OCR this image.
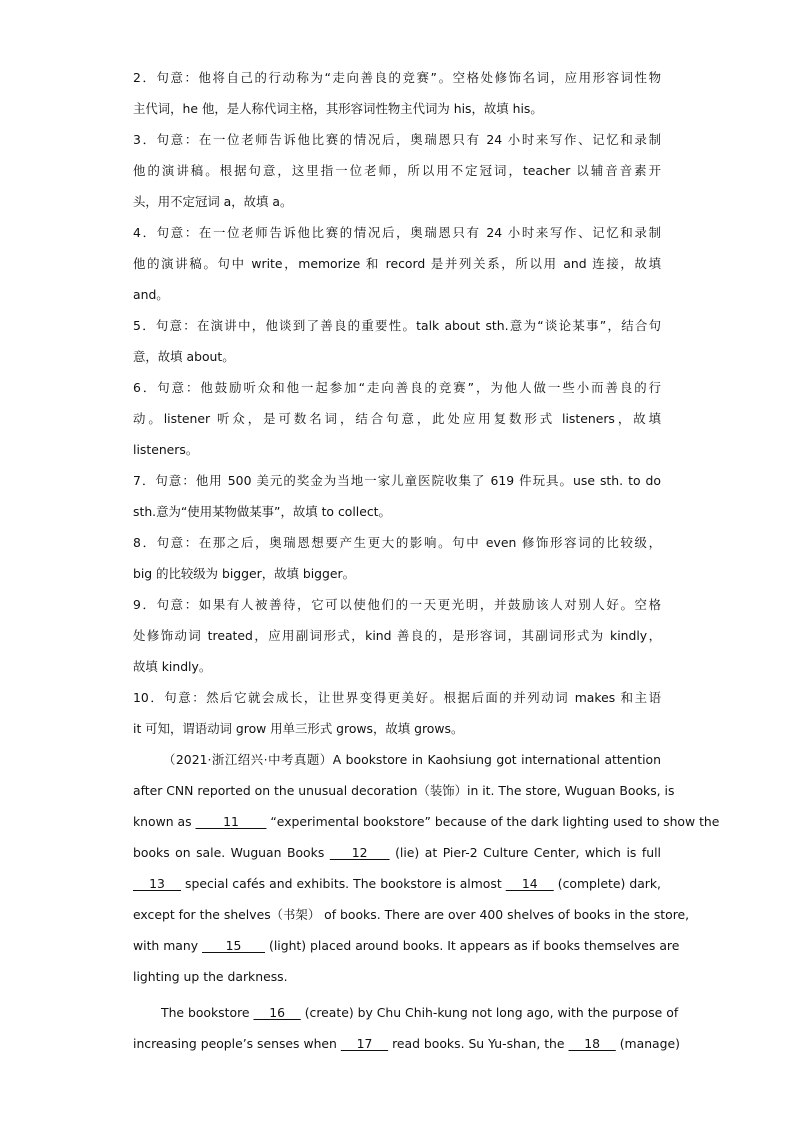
2．句意：他将自己的行动称为“走向善良的竞赛”。空格处修饰名词，应用形容词性物
主代词，he 他，是人称代词主格，其形容词性物主代词为 his，故填 his。
3．句意：在一位老师告诉他比赛的情况后，奥瑞恩只有 24 小时来写作、记忆和录制
他的演讲稿。根据句意，这里指一位老师，所以用不定冠词，teacher 以辅音音素开
头，用不定冠词 a，故填 a。
4．句意：在一位老师告诉他比赛的情况后，奥瑞恩只有 24 小时来写作、记忆和录制
他的演讲稿。句中 write，memorize 和 record 是并列关系，所以用 and 连接，故填
and。
5．句意：在演讲中，他谈到了善良的重要性。talk about sth.意为“谈论某事”，结合句
意，故填 about。
6．句意：他鼓励听众和他一起参加“走向善良的竞赛”，为他人做一些小而善良的行
动。listener 听众，是可数名词，结合句意，此处应用复数形式 listeners，故填
listeners。
7．句意：他用 500 美元的奖金为当地一家儿童医院收集了 619 件玩具。use sth. to do
sth.意为“使用某物做某事”，故填 to collect。
8．句意：在那之后，奥瑞恩想要产生更大的影响。句中 even 修饰形容词的比较级，
big 的比较级为 bigger，故填 bigger。
9．句意：如果有人被善待，它可以使他们的一天更光明，并鼓励该人对别人好。空格
处修饰动词 treated，应用副词形式，kind 善良的，是形容词，其副词形式为 kindly，
故填 kindly。
10．句意：然后它就会成长，让世界变得更美好。根据后面的并列动词 makes 和主语
it 可知，谓语动词 grow 用单三形式 grows，故填 grows。
（2021·浙江绍兴·中考真题）A bookstore in Kaohsiung got international attention
after CNN reported on the unusual decoration（装饰）in it. The store, Wuguan Books, is
known as        11        “experimental bookstore” because of the dark lighting used to show the
books on sale. Wuguan Books     12     (lie) at Pier-2 Culture Center, which is full
13     special cafés and exhibits. The bookstore is almost     14     (complete) dark,
except for the shelves（书架） of books. There are over 400 shelves of books in the store,
with many       15       (light) placed around books. It appears as if books themselves are
lighting up the darkness.
The bookstore     16     (create) by Chu Chih-kung not long ago, with the purpose of
increasing people’s senses when     17     read books. Su Yu-shan, the     18     (manage)
